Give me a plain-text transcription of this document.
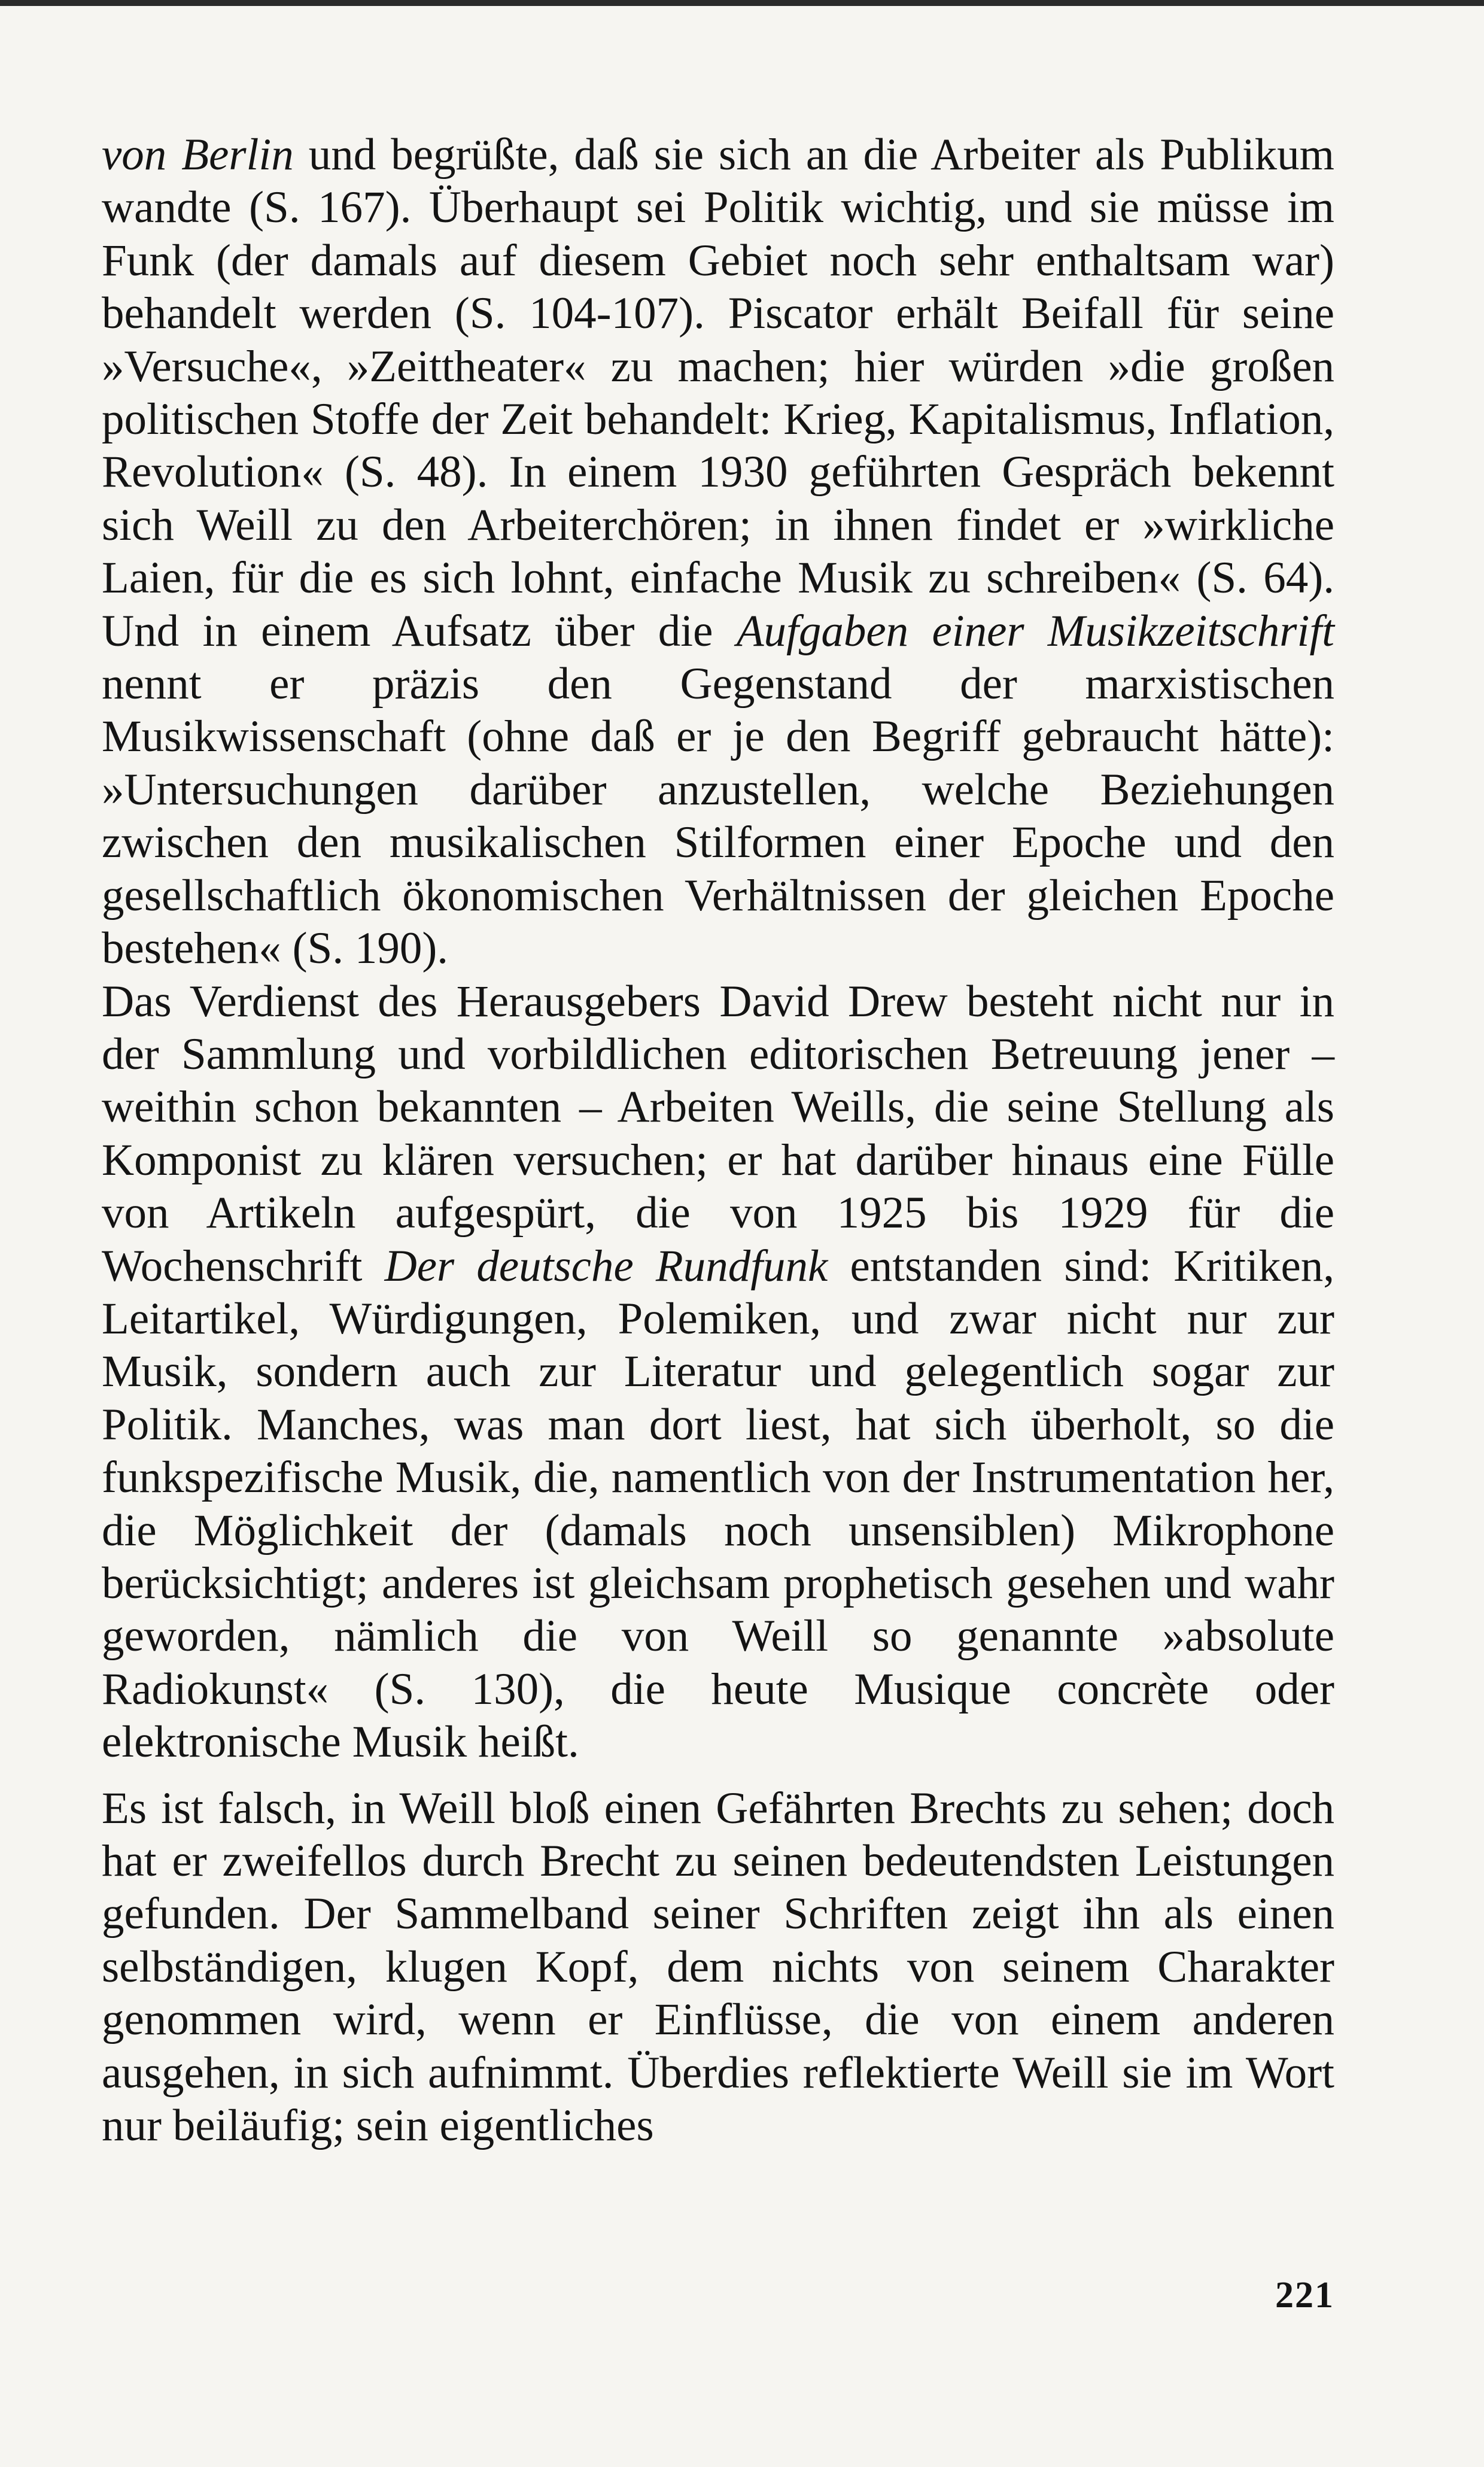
von Berlin und begrüßte, daß sie sich an die Arbeiter als Publikum wandte (S. 167). Überhaupt sei Politik wichtig, und sie müsse im Funk (der damals auf diesem Gebiet noch sehr enthaltsam war) behandelt werden (S. 104-107). Piscator erhält Beifall für seine »Versuche«, »Zeittheater« zu machen; hier würden »die großen politischen Stoffe der Zeit behandelt: Krieg, Kapitalismus, Inflation, Revolution« (S. 48). In einem 1930 geführten Gespräch bekennt sich Weill zu den Arbeiterchören; in ihnen findet er »wirkliche Laien, für die es sich lohnt, einfache Musik zu schreiben« (S. 64). Und in einem Aufsatz über die Aufgaben einer Musikzeitschrift nennt er präzis den Gegenstand der marxistischen Musikwissenschaft (ohne daß er je den Begriff gebraucht hätte): »Untersuchungen darüber anzustellen, welche Beziehungen zwischen den musikalischen Stilformen einer Epoche und den gesellschaftlich ökonomischen Verhältnissen der gleichen Epoche bestehen« (S. 190).

Das Verdienst des Herausgebers David Drew besteht nicht nur in der Sammlung und vorbildlichen editorischen Betreuung jener – weithin schon bekannten – Arbeiten Weills, die seine Stellung als Komponist zu klären versuchen; er hat darüber hinaus eine Fülle von Artikeln aufgespürt, die von 1925 bis 1929 für die Wochenschrift Der deutsche Rundfunk entstanden sind: Kritiken, Leitartikel, Würdigungen, Polemiken, und zwar nicht nur zur Musik, sondern auch zur Literatur und gelegentlich sogar zur Politik. Manches, was man dort liest, hat sich überholt, so die funkspezifische Musik, die, namentlich von der Instrumentation her, die Möglichkeit der (damals noch unsensiblen) Mikrophone berücksichtigt; anderes ist gleichsam prophetisch gesehen und wahr geworden, nämlich die von Weill so genannte »absolute Radiokunst« (S. 130), die heute Musique concrète oder elektronische Musik heißt.

Es ist falsch, in Weill bloß einen Gefährten Brechts zu sehen; doch hat er zweifellos durch Brecht zu seinen bedeutendsten Leistungen gefunden. Der Sammelband seiner Schriften zeigt ihn als einen selbständigen, klugen Kopf, dem nichts von seinem Charakter genommen wird, wenn er Einflüsse, die von einem anderen ausgehen, in sich aufnimmt. Überdies reflektierte Weill sie im Wort nur beiläufig; sein eigentliches

221
